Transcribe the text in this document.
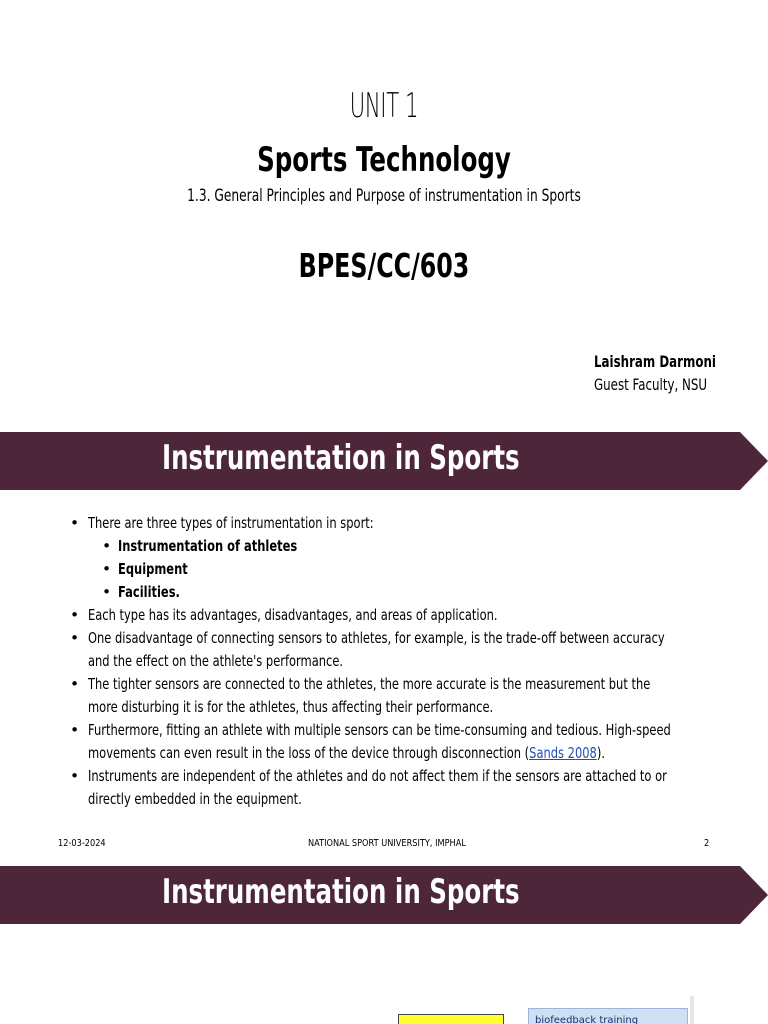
UNIT 1
Sports Technology
1.3. General Principles and Purpose of instrumentation in Sports
BPES/CC/603
Laishram Darmoni
Guest Faculty, NSU
Instrumentation in Sports
• There are three types of instrumentation in sport:
• Instrumentation of athletes
• Equipment
• Facilities.
• Each type has its advantages, disadvantages, and areas of application.
• One disadvantage of connecting sensors to athletes, for example, is the trade-off between accuracy
and the effect on the athlete's performance.
• The tighter sensors are connected to the athletes, the more accurate is the measurement but the
more disturbing it is for the athletes, thus affecting their performance.
• Furthermore, fitting an athlete with multiple sensors can be time-consuming and tedious. High-speed
movements can even result in the loss of the device through disconnection (Sands 2008).
• Instruments are independent of the athletes and do not affect them if the sensors are attached to or
directly embedded in the equipment.
12-03-2024	NATIONAL SPORT UNIVERSITY, IMPHAL	2
Instrumentation in Sports
biofeedback training
